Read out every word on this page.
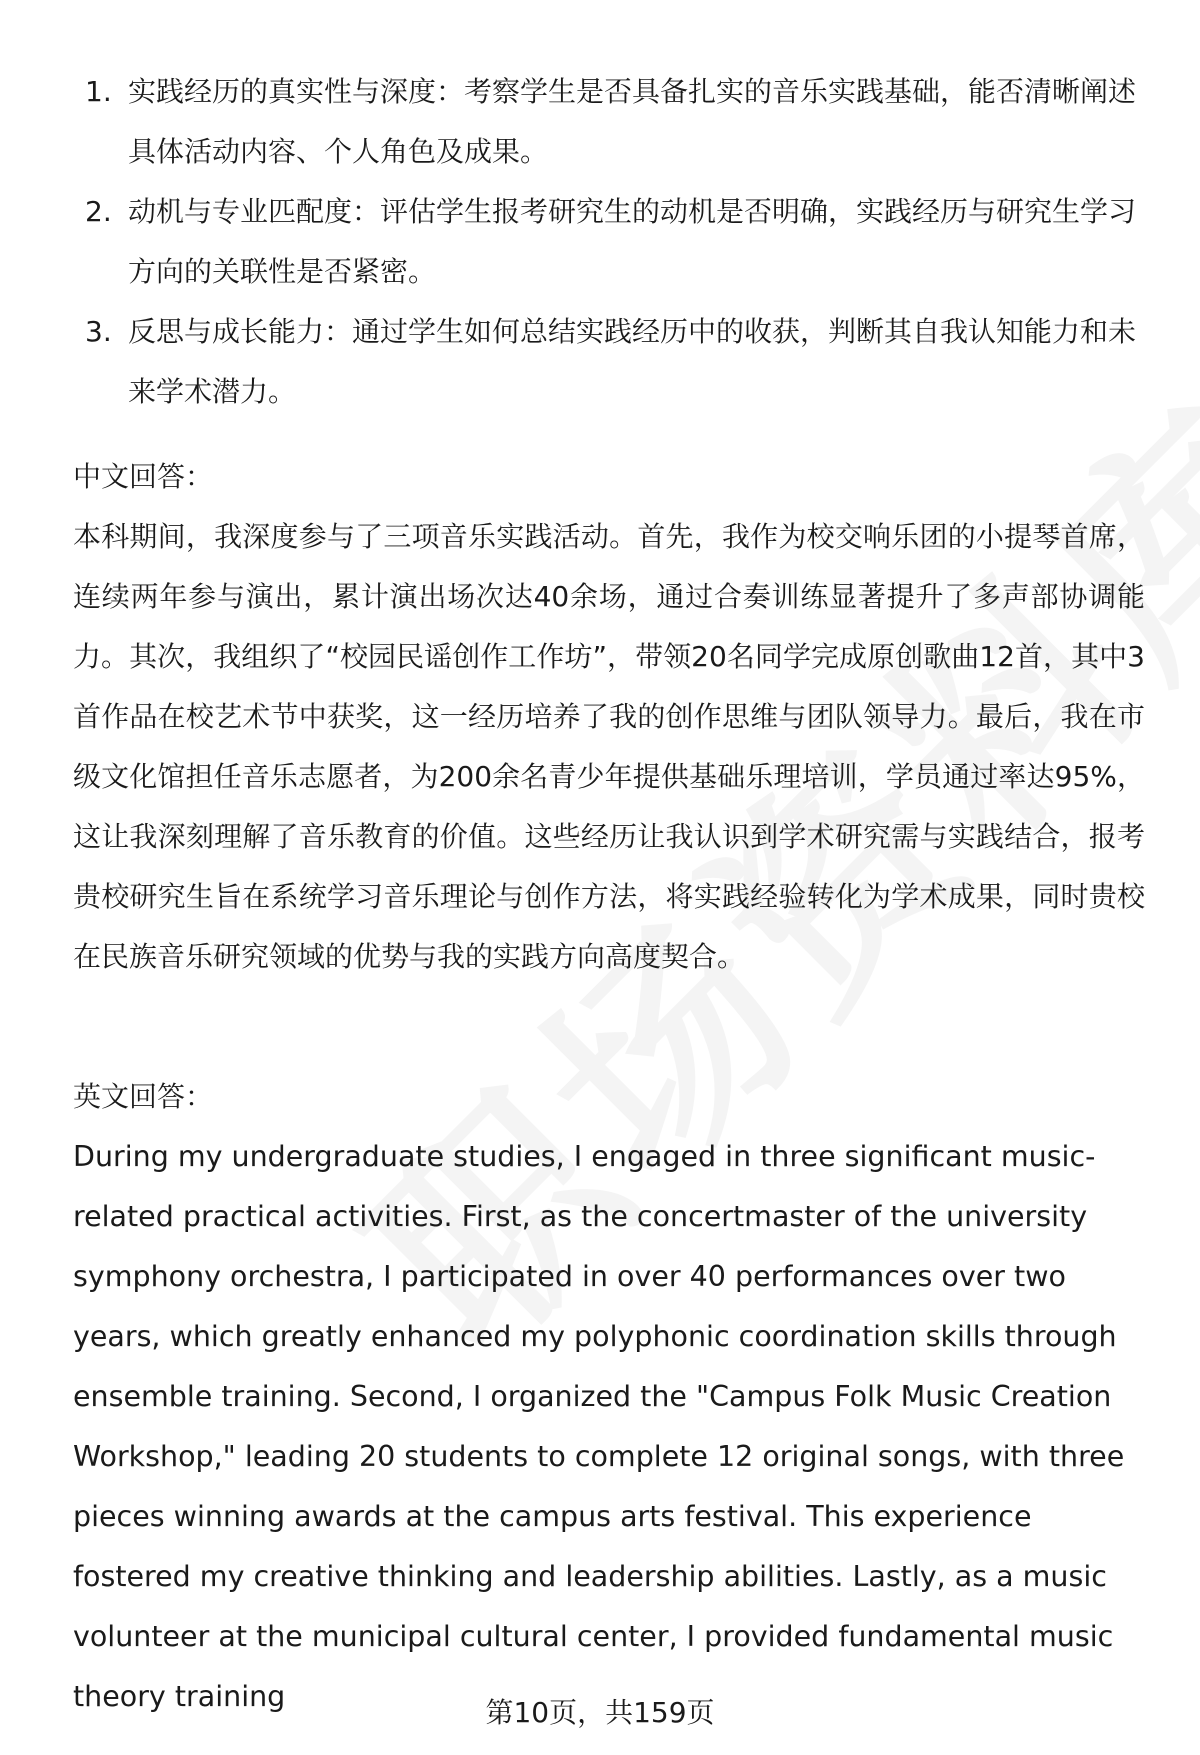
1. 实践经历的真实性与深度：考察学生是否具备扎实的音乐实践基础，能否清晰阐述具体活动内容、个人角色及成果。
2. 动机与专业匹配度：评估学生报考研究生的动机是否明确，实践经历与研究生学习方向的关联性是否紧密。
3. 反思与成长能力：通过学生如何总结实践经历中的收获，判断其自我认知能力和未来学术潜力。
中文回答：

本科期间，我深度参与了三项音乐实践活动。首先，我作为校交响乐团的小提琴首席，连续两年参与演出，累计演出场次达40余场，通过合奏训练显著提升了多声部协调能力。其次，我组织了“校园民谣创作工作坊”，带领20名同学完成原创歌曲12首，其中3首作品在校艺术节中获奖，这一经历培养了我的创作思维与团队领导力。最后，我在市级文化馆担任音乐志愿者，为200余名青少年提供基础乐理培训，学员通过率达95%，这让我深刻理解了音乐教育的价值。这些经历让我认识到学术研究需与实践结合，报考贵校研究生旨在系统学习音乐理论与创作方法，将实践经验转化为学术成果，同时贵校在民族音乐研究领域的优势与我的实践方向高度契合。

英文回答：

During my undergraduate studies, I engaged in three significant music-related practical activities. First, as the concertmaster of the university symphony orchestra, I participated in over 40 performances over two years, which greatly enhanced my polyphonic coordination skills through ensemble training. Second, I organized the "Campus Folk Music Creation Workshop," leading 20 students to complete 12 original songs, with three pieces winning awards at the campus arts festival. This experience fostered my creative thinking and leadership abilities. Lastly, as a music volunteer at the municipal cultural center, I provided fundamental music theory training	第10页，共159页
